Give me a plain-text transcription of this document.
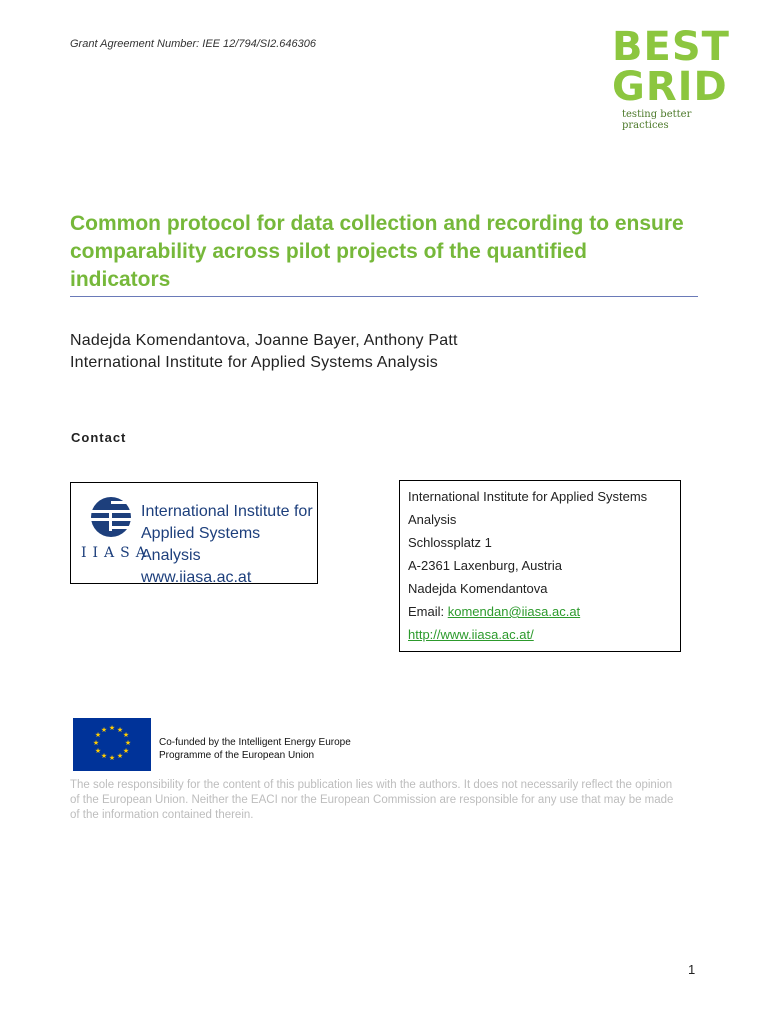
Grant Agreement Number: IEE 12/794/SI2.646306	BEST
GRID
testing better practices
Common protocol for data collection and recording to ensure comparability across pilot projects of the quantified indicators
Nadejda Komendantova, Joanne Bayer, Anthony Patt
International Institute for Applied Systems Analysis
Contact
IIASA
International Institute for
Applied Systems Analysis
www.iiasa.ac.at
International Institute for Applied Systems Analysis
Schlossplatz 1
A-2361 Laxenburg, Austria
Nadejda Komendantova
Email: komendan@iiasa.ac.at
http://www.iiasa.ac.at/
★ ★
★
★
★
★
★
★
★
★
★
★
Co-funded by the Intelligent Energy Europe
Programme of the European Union
The sole responsibility for the content of this publication lies with the authors. It does not necessarily reflect the opinion of the European Union. Neither the EACI nor the European Commission are responsible for any use that may be made of the information contained therein.
1
